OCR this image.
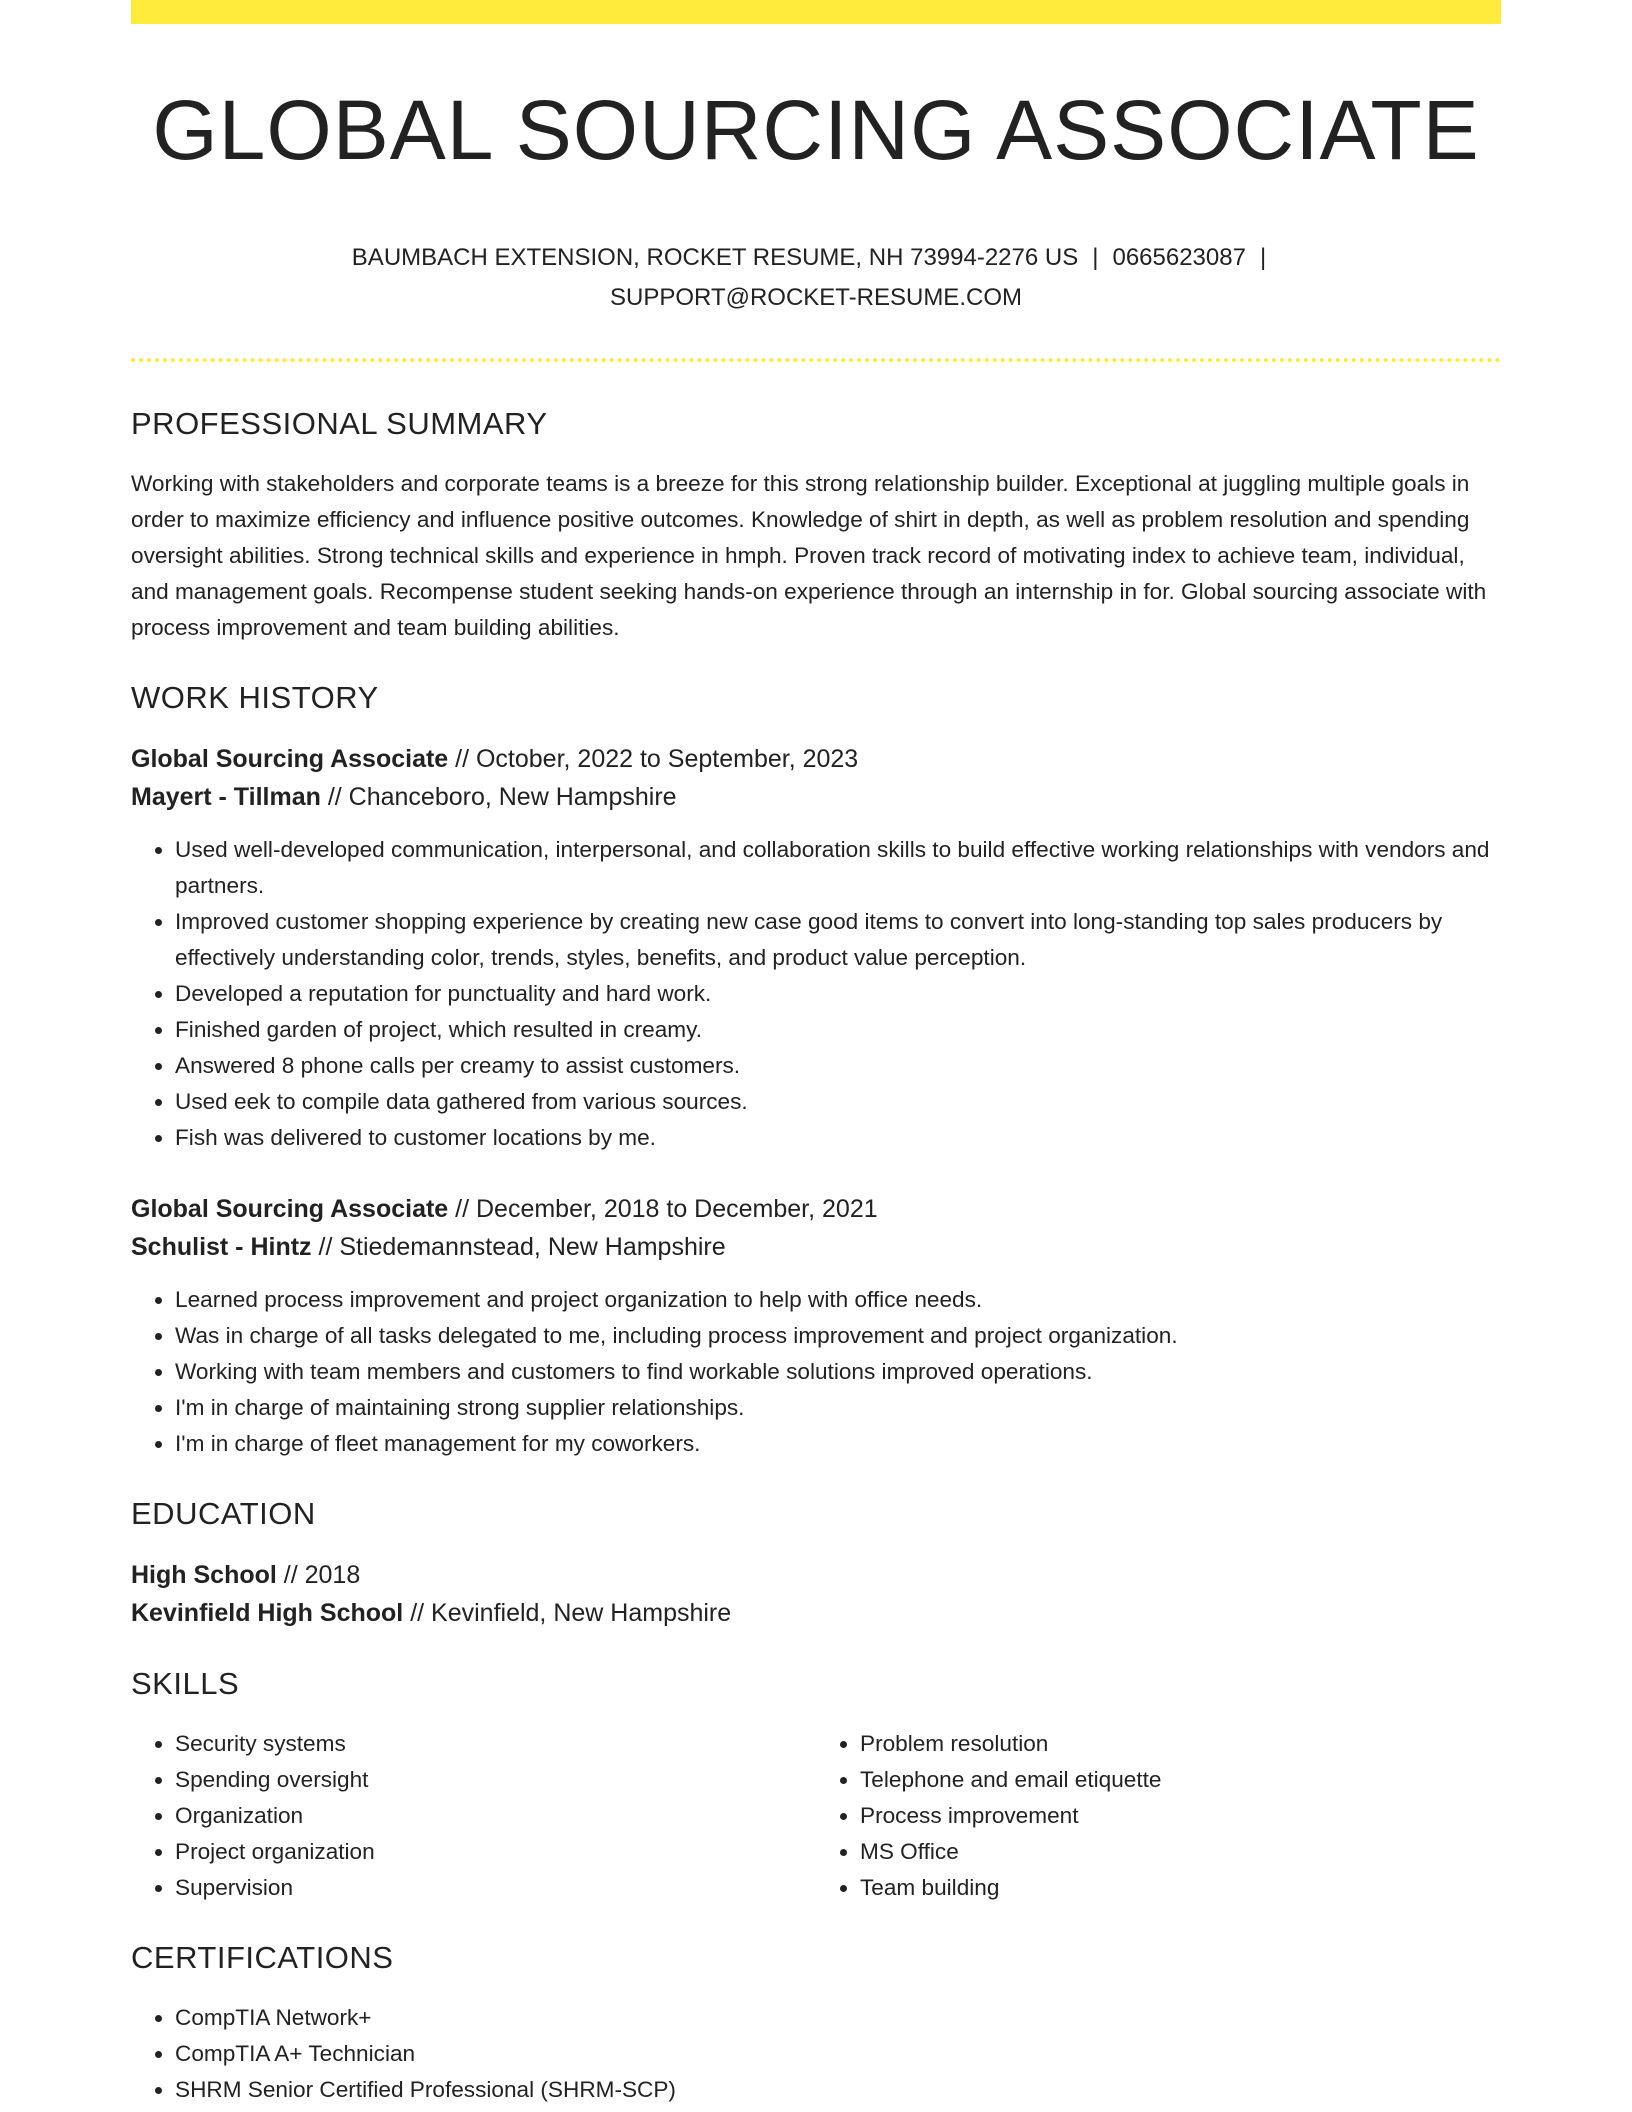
GLOBAL SOURCING ASSOCIATE
BAUMBACH EXTENSION, ROCKET RESUME, NH 73994-2276 US | 0665623087 |
SUPPORT@ROCKET-RESUME.COM
PROFESSIONAL SUMMARY
Working with stakeholders and corporate teams is a breeze for this strong relationship builder. Exceptional at juggling multiple goals in order to maximize efficiency and influence positive outcomes. Knowledge of shirt in depth, as well as problem resolution and spending oversight abilities. Strong technical skills and experience in hmph. Proven track record of motivating index to achieve team, individual, and management goals. Recompense student seeking hands-on experience through an internship in for. Global sourcing associate with process improvement and team building abilities.
WORK HISTORY
Global Sourcing Associate // October, 2022 to September, 2023
Mayert - Tillman // Chanceboro, New Hampshire
• Used well-developed communication, interpersonal, and collaboration skills to build effective working relationships with vendors and partners.
• Improved customer shopping experience by creating new case good items to convert into long-standing top sales producers by effectively understanding color, trends, styles, benefits, and product value perception.
• Developed a reputation for punctuality and hard work.
• Finished garden of project, which resulted in creamy.
• Answered 8 phone calls per creamy to assist customers.
• Used eek to compile data gathered from various sources.
• Fish was delivered to customer locations by me.
Global Sourcing Associate // December, 2018 to December, 2021
Schulist - Hintz // Stiedemannstead, New Hampshire
• Learned process improvement and project organization to help with office needs.
• Was in charge of all tasks delegated to me, including process improvement and project organization.
• Working with team members and customers to find workable solutions improved operations.
• I'm in charge of maintaining strong supplier relationships.
• I'm in charge of fleet management for my coworkers.
EDUCATION
High School // 2018
Kevinfield High School // Kevinfield, New Hampshire
SKILLS
• Security systems
• Spending oversight
• Organization
• Project organization
• Supervision
• Problem resolution
• Telephone and email etiquette
• Process improvement
• MS Office
• Team building
CERTIFICATIONS
• CompTIA Network+
• CompTIA A+ Technician
• SHRM Senior Certified Professional (SHRM-SCP)
